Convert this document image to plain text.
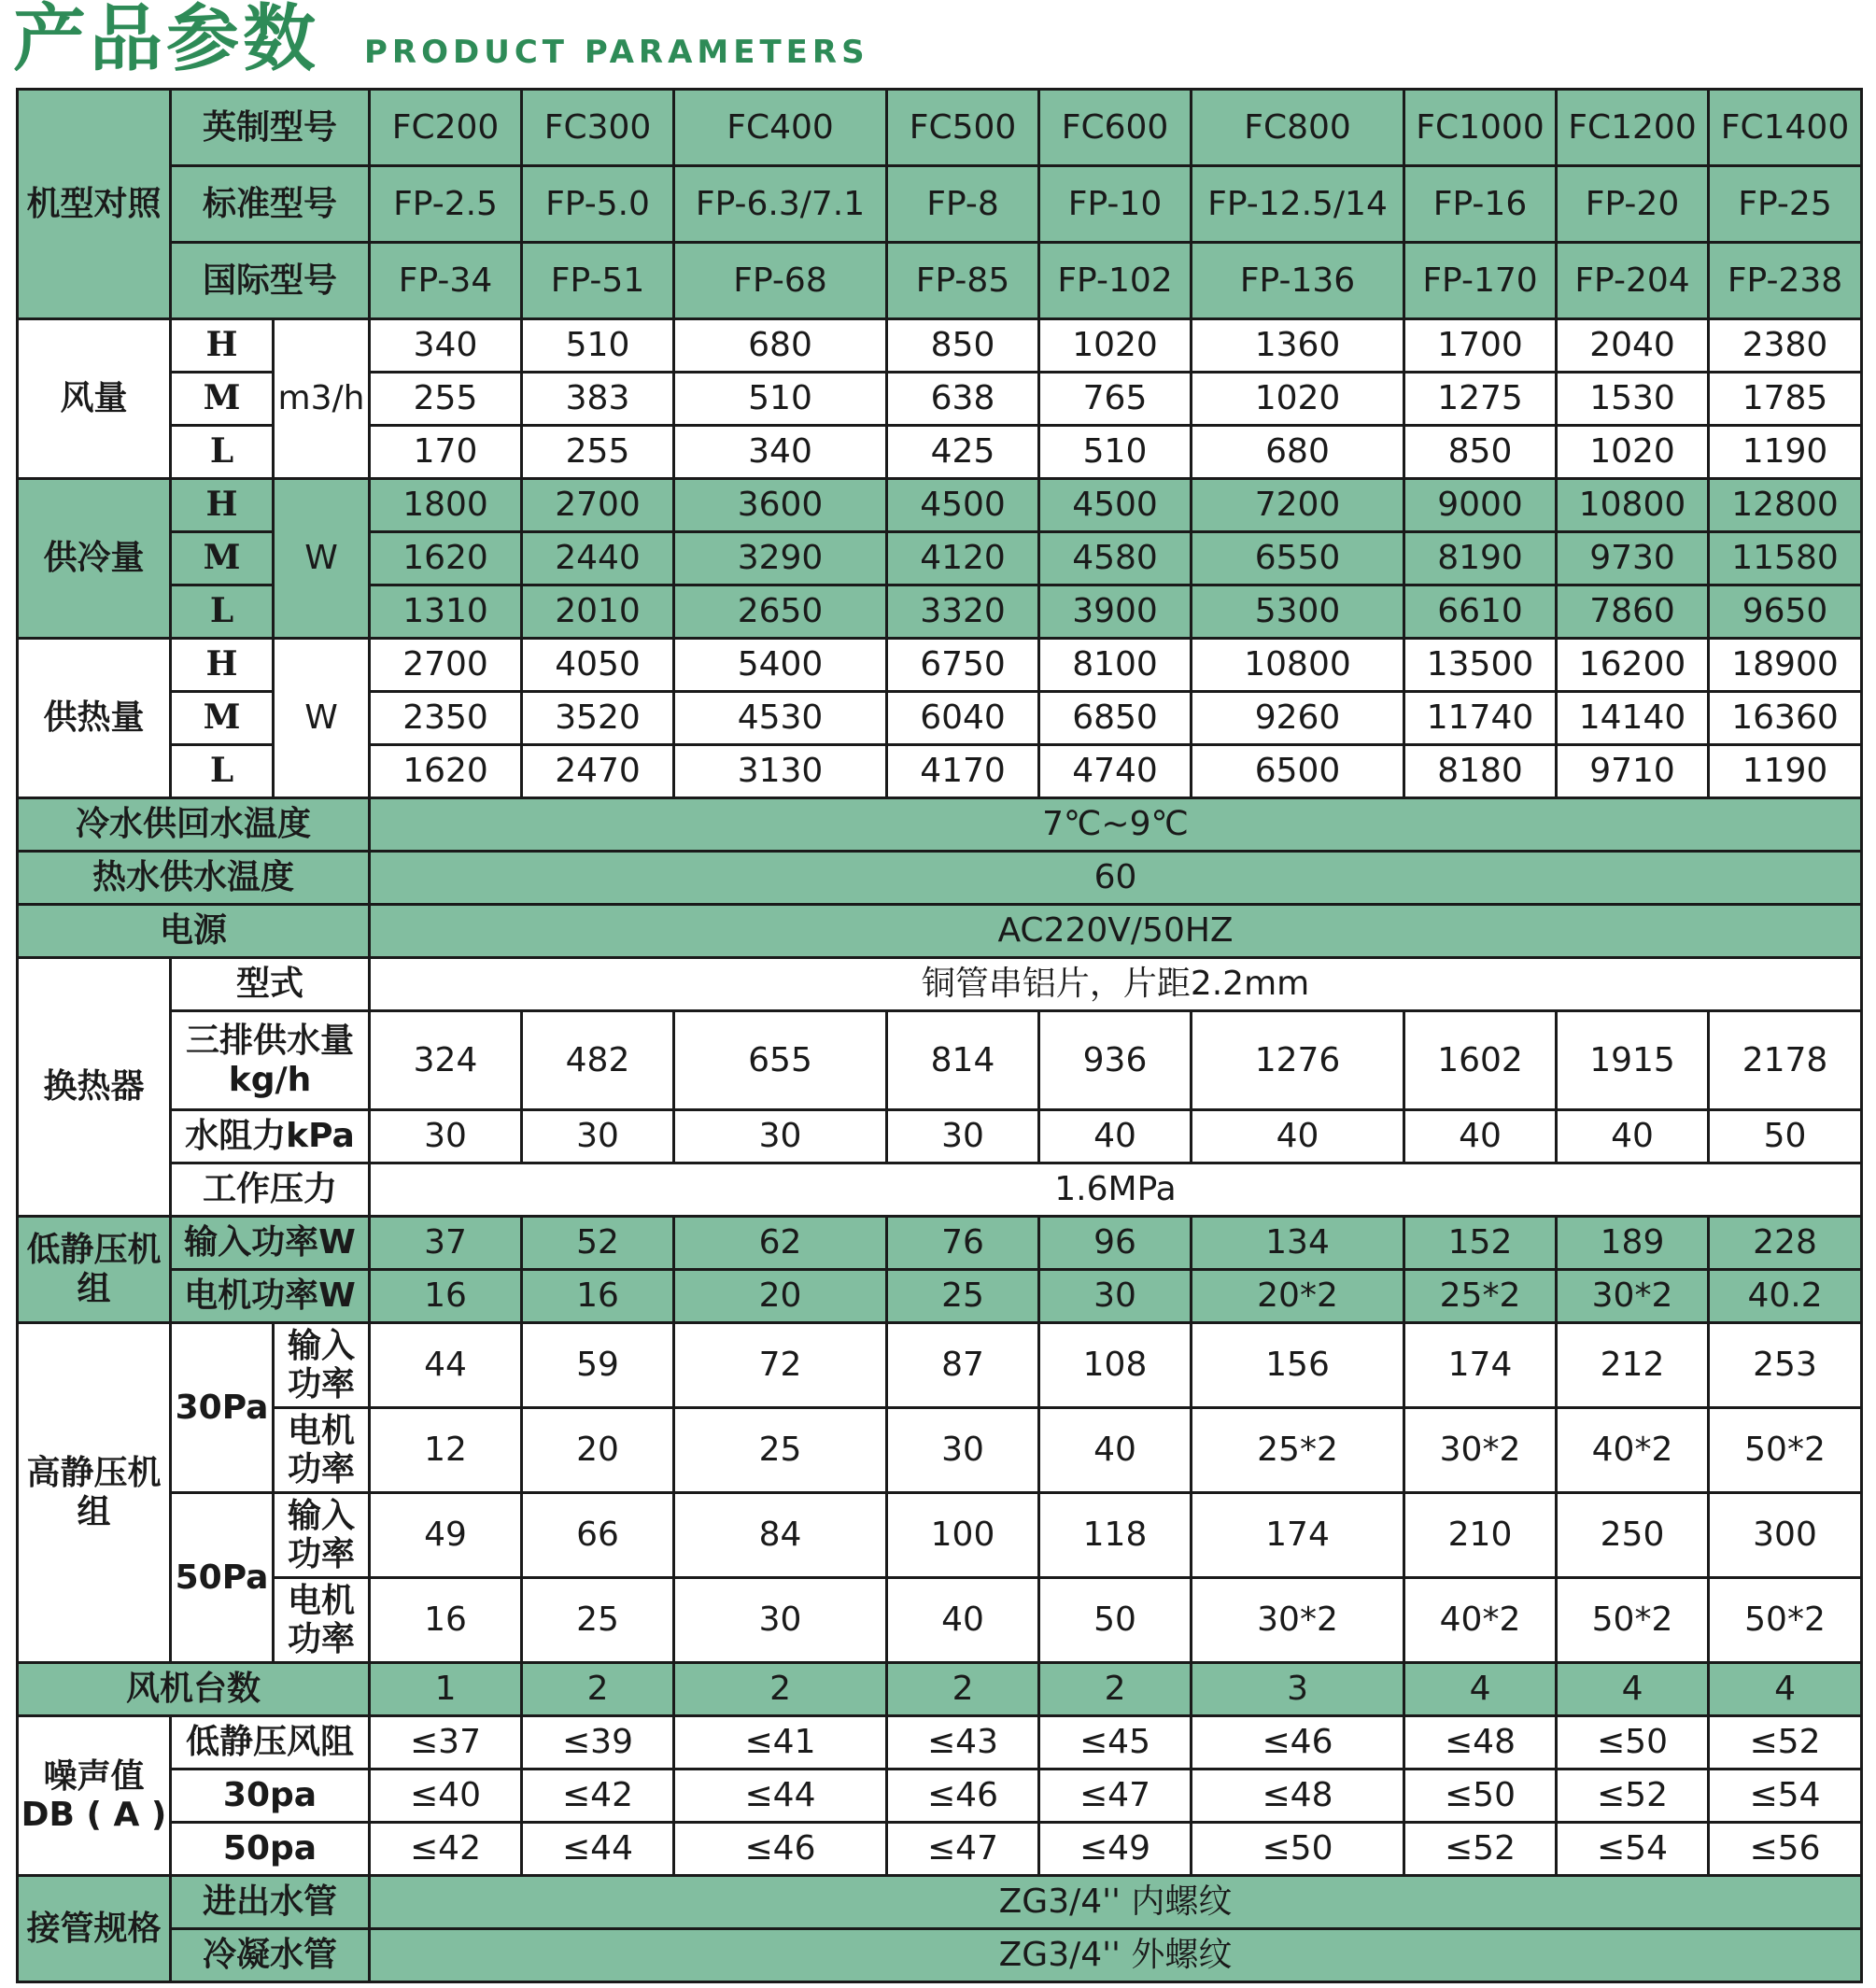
产品参数 PRODUCT PARAMETERS
机型对照	英制型号	FC200	FC300	FC400	FC500	FC600	FC800	FC1000	FC1200	FC1400
标准型号	FP-2.5	FP-5.0	FP-6.3/7.1	FP-8	FP-10	FP-12.5/14	FP-16	FP-20	FP-25
国际型号	FP-34	FP-51	FP-68	FP-85	FP-102	FP-136	FP-170	FP-204	FP-238
风量	H	m3/h	340	510	680	850	1020	1360	1700	2040	2380
M	255	383	510	638	765	1020	1275	1530	1785
L	170	255	340	425	510	680	850	1020	1190
供冷量	H	W	1800	2700	3600	4500	4500	7200	9000	10800	12800
M	1620	2440	3290	4120	4580	6550	8190	9730	11580
L	1310	2010	2650	3320	3900	5300	6610	7860	9650
供热量	H	W	2700	4050	5400	6750	8100	10800	13500	16200	18900
M	2350	3520	4530	6040	6850	9260	11740	14140	16360
L	1620	2470	3130	4170	4740	6500	8180	9710	1190
冷水供回水温度	7℃~9℃
热水供水温度	60
电源	AC220V/50HZ
换热器	型式	铜管串铝片，片距2.2mm
三排供水量
kg/h	324	482	655	814	936	1276	1602	1915	2178
水阻力kPa	30	30	30	30	40	40	40	40	50
工作压力	1.6MPa
低静压机
组	输入功率W	37	52	62	76	96	134	152	189	228
电机功率W	16	16	20	25	30	20*2	25*2	30*2	40.2
高静压机
组	30Pa	输入
功率	44	59	72	87	108	156	174	212	253
电机
功率	12	20	25	30	40	25*2	30*2	40*2	50*2
50Pa	输入
功率	49	66	84	100	118	174	210	250	300
电机
功率	16	25	30	40	50	30*2	40*2	50*2	50*2
风机台数	1	2	2	2	2	3	4	4	4
噪声值
DB ( A )	低静压风阻	≤37	≤39	≤41	≤43	≤45	≤46	≤48	≤50	≤52
30pa	≤40	≤42	≤44	≤46	≤47	≤48	≤50	≤52	≤54
50pa	≤42	≤44	≤46	≤47	≤49	≤50	≤52	≤54	≤56
接管规格	进出水管	ZG3/4'' 内螺纹
冷凝水管	ZG3/4'' 外螺纹
